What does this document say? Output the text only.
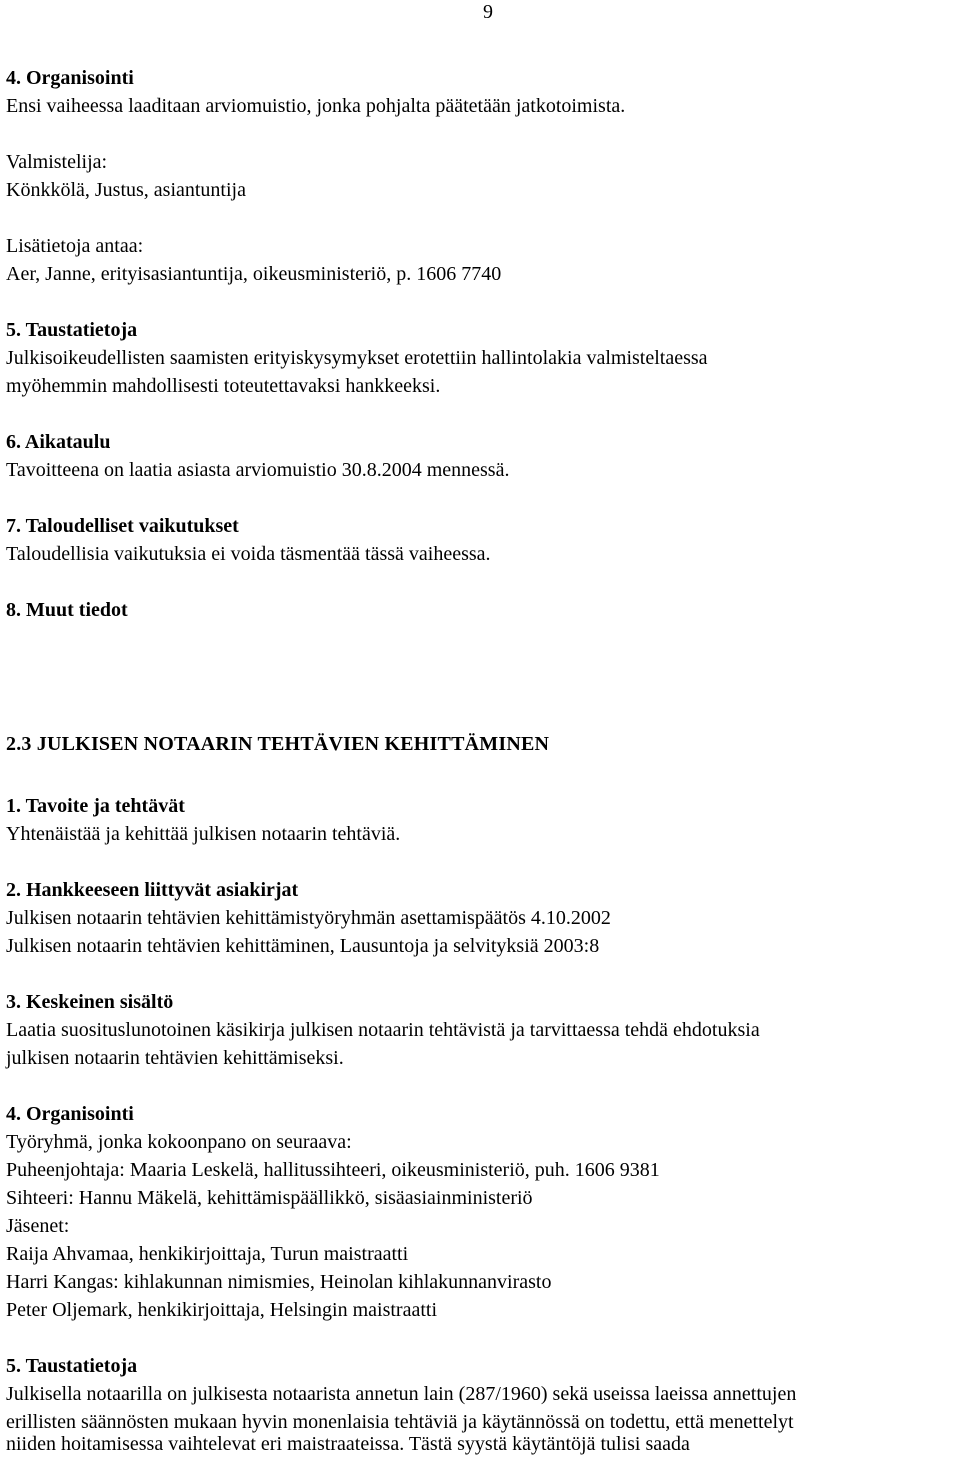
9
4. Organisointi
Ensi vaiheessa laaditaan arviomuistio, jonka pohjalta päätetään jatkotoimista.
Valmistelija:
Könkkölä, Justus, asiantuntija
Lisätietoja antaa:
Aer, Janne, erityisasiantuntija, oikeusministeriö, p. 1606 7740
5. Taustatietoja
Julkisoikeudellisten saamisten erityiskysymykset erotettiin hallintolakia valmisteltaessa
myöhemmin mahdollisesti toteutettavaksi hankkeeksi.
6. Aikataulu
Tavoitteena on laatia asiasta arviomuistio 30.8.2004 mennessä.
7. Taloudelliset vaikutukset
Taloudellisia vaikutuksia ei voida täsmentää tässä vaiheessa.
8. Muut tiedot
2.3 JULKISEN NOTAARIN TEHTÄVIEN KEHITTÄMINEN
1. Tavoite ja tehtävät
Yhtenäistää ja kehittää julkisen notaarin tehtäviä.
2. Hankkeeseen liittyvät asiakirjat
Julkisen notaarin tehtävien kehittämistyöryhmän asettamispäätös 4.10.2002
Julkisen notaarin tehtävien kehittäminen, Lausuntoja ja selvityksiä 2003:8
3. Keskeinen sisältö
Laatia suosituslunotoinen käsikirja julkisen notaarin tehtävistä ja tarvittaessa tehdä ehdotuksia
julkisen notaarin tehtävien kehittämiseksi.
4. Organisointi
Työryhmä, jonka kokoonpano on seuraava:
Puheenjohtaja: Maaria Leskelä, hallitussihteeri, oikeusministeriö, puh. 1606 9381
Sihteeri: Hannu Mäkelä, kehittämispäällikkö, sisäasiainministeriö
Jäsenet:
Raija Ahvamaa, henkikirjoittaja, Turun maistraatti
Harri Kangas: kihlakunnan nimismies, Heinolan kihlakunnanvirasto
Peter Oljemark, henkikirjoittaja, Helsingin maistraatti
5. Taustatietoja
Julkisella notaarilla on julkisesta notaarista annetun lain (287/1960) sekä useissa laeissa annettujen
erillisten säännösten mukaan hyvin monenlaisia tehtäviä ja käytännössä on todettu, että menettelyt
niiden hoitamisessa vaihtelevat eri maistraateissa. Tästä syystä käytäntöjä tulisi saada
